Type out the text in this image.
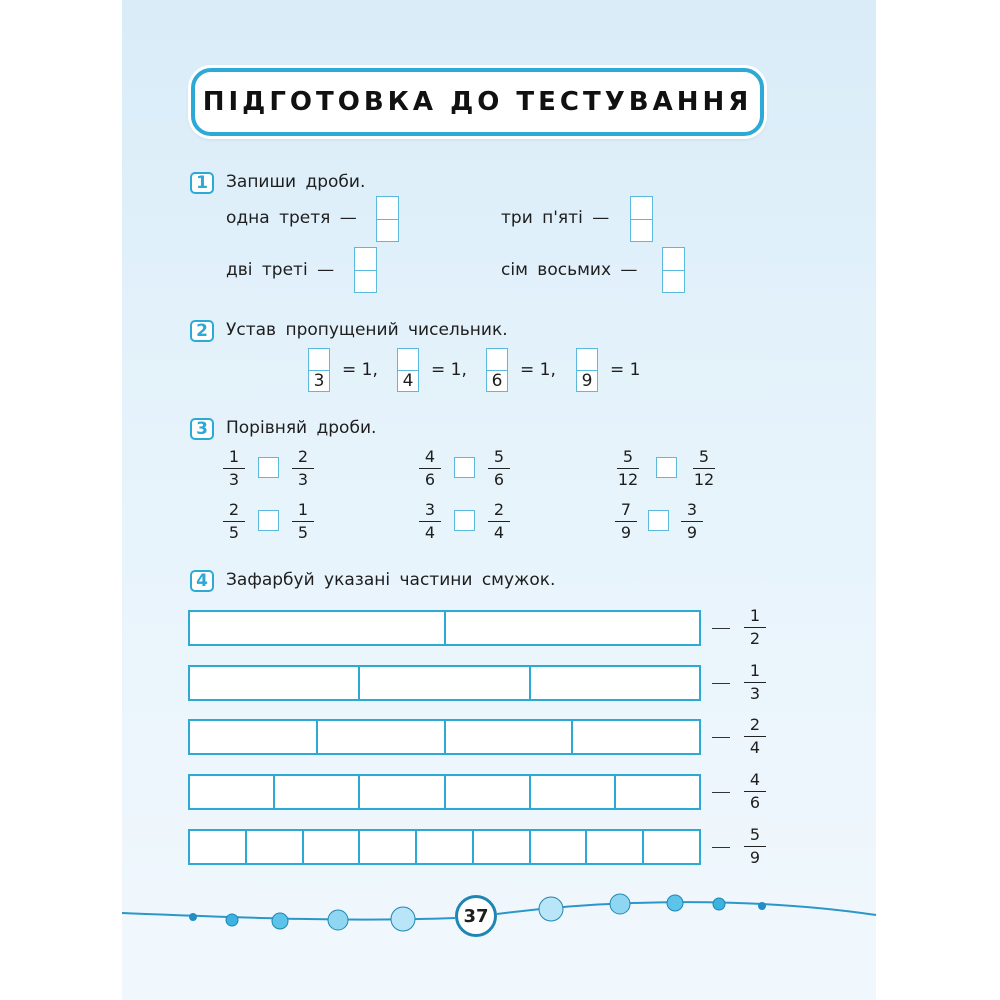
ПІДГОТОВКА ДО ТЕСТУВАННЯ
1	Запиши дроби.
одна третя —	три п'яті —
дві треті —	сім восьмих —
2	Устав пропущений чисельник.
3
= 1,
4
= 1,
6
= 1,
9
= 1
3	Порівняй дроби.
1
3
2
3
4
6
5
6
5
12
5
12
2
5
1
5
3
4
2
4
7
9
3
9
4	Зафарбуй указані частини смужок.
1
2
1
3
2
4
4
6
5
9
37
